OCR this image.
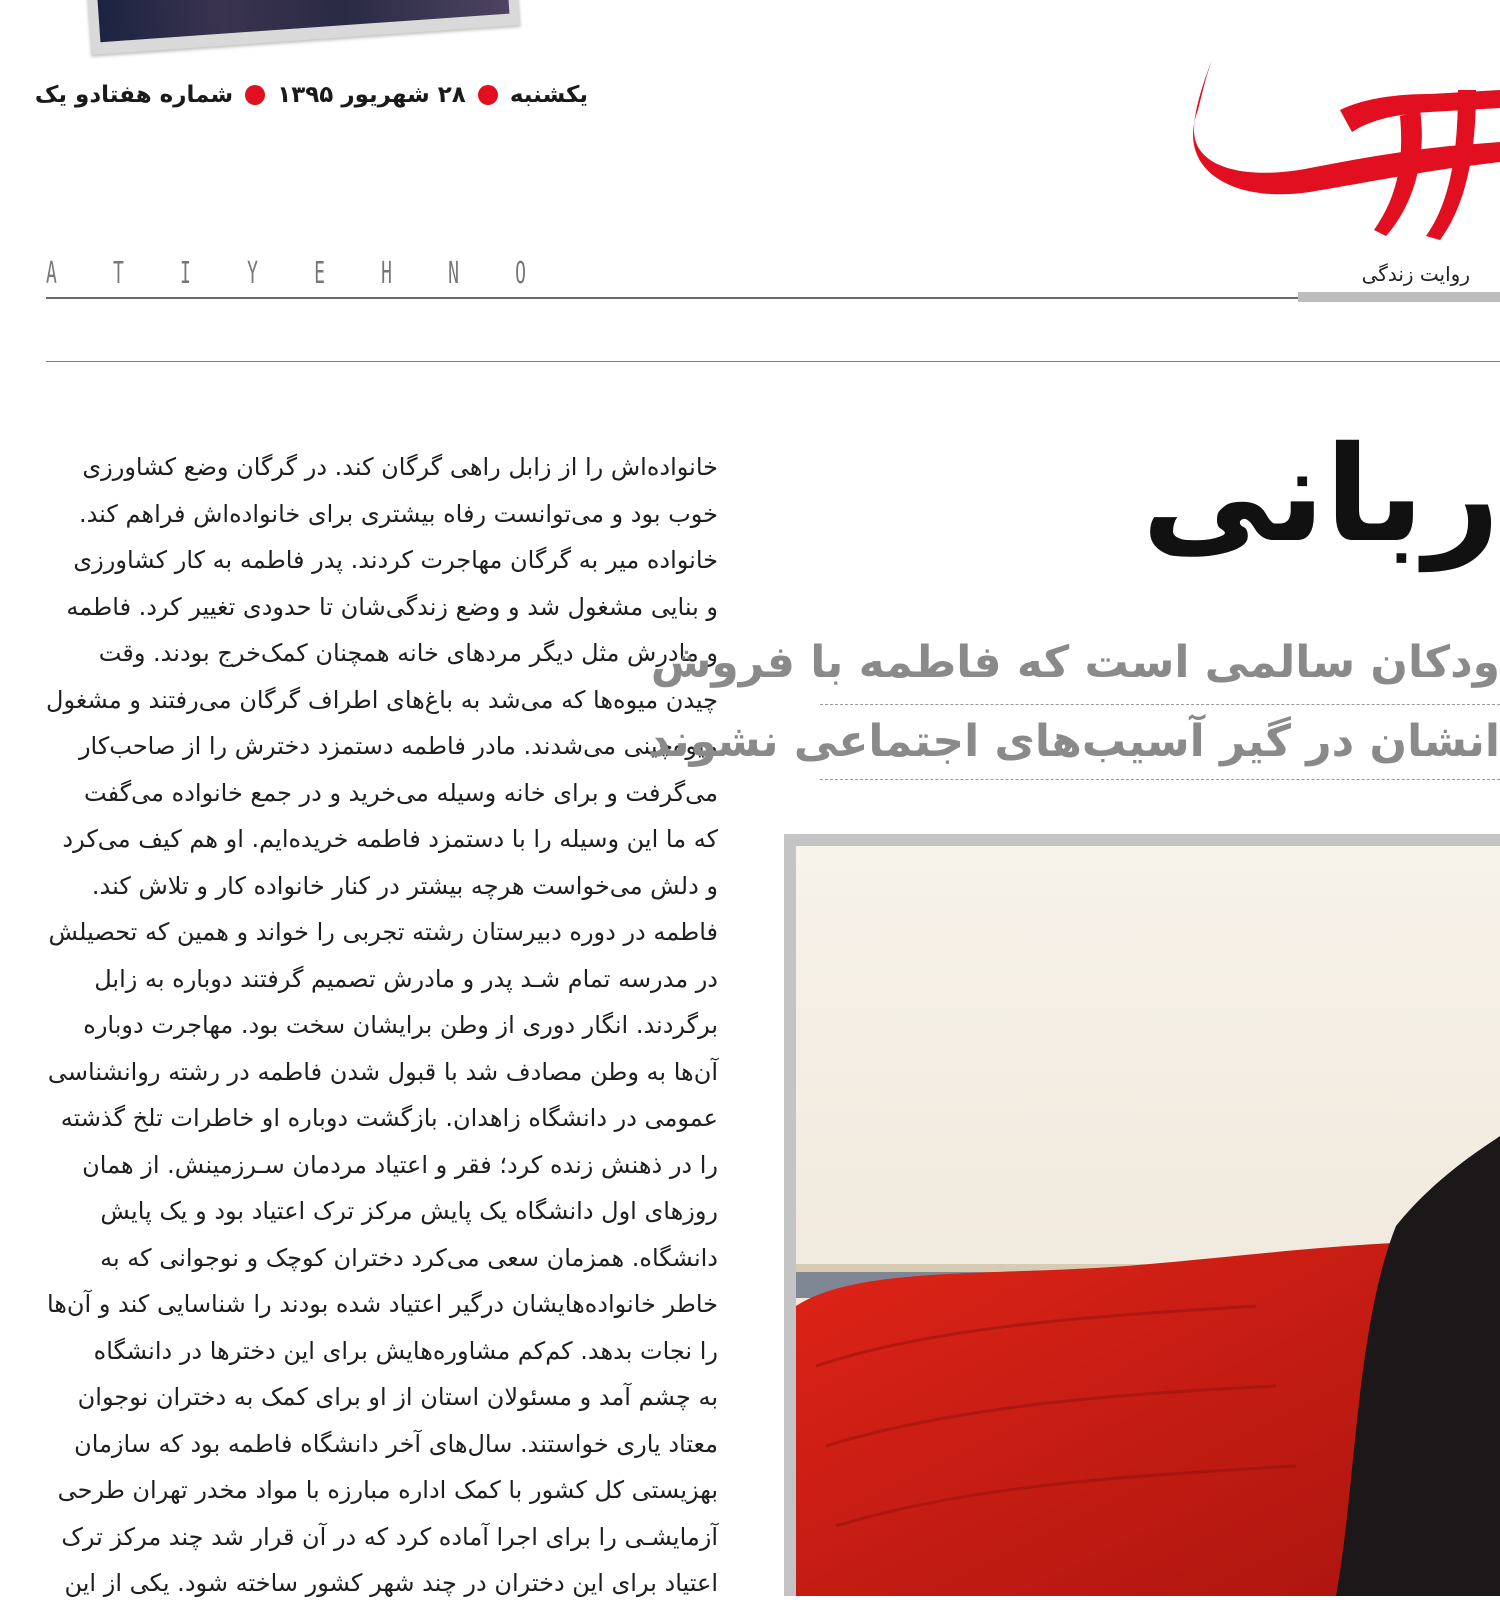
یکشنبه۲۸ شهریور ۱۳۹۵شماره هفتادو یک
روایت زندگی
A T I Y E H N O
خانواده‌اش را از زابل راهی گرگان کند. در گرگان وضع کشاورزی
خوب بود و می‌توانست رفاه بیشتری برای خانواده‌اش فراهم کند.
خانواده میر به گرگان مهاجرت کردند. پدر فاطمه به کار کشاورزی
و بنایی مشغول شد و وضع زندگی‌شان تا حدودی تغییر کرد. فاطمه
و مادرش مثل دیگر مردهای خانه همچنان کمک‌خرج بودند. وقت
چیدن میوه‌ها که می‌شد به باغ‌های اطراف گرگان می‌رفتند و مشغول
میوه‌چینی می‌شدند. مادر فاطمه دستمزد دخترش را از صاحب‌کار
می‌گرفت و برای خانه وسیله می‌خرید و در جمع خانواده می‌گفت
که ما این وسیله را با دستمزد فاطمه خریده‌ایم. او هم کیف می‌کرد
و دلش می‌خواست هرچه بیشتر در کنار خانواده کار و تلاش کند.
فاطمه در دوره دبیرستان رشته تجربی را خواند و همین که تحصیلش
در مدرسه تمام شـد پدر و مادرش تصمیم گرفتند دوباره به زابل
برگردند. انگار دوری از وطن برایشان سخت بود. مهاجرت دوباره
آن‌ها به وطن مصادف شد با قبول شدن فاطمه در رشته روانشناسی
عمومی در دانشگاه زاهدان. بازگشت دوباره او خاطرات تلخ گذشته
را در ذهنش زنده کرد؛ فقر و اعتیاد مردمان سـرزمینش. از همان
روزهای اول دانشگاه یک پایش مرکز ترک اعتیاد بود و یک پایش
دانشگاه. همزمان سعی می‌کرد دختران کوچک و نوجوانی که به
خاطر خانواده‌هایشان درگیر اعتیاد شده بودند را شناسایی کند و آن‌ها
را نجات بدهد. کم‌کم مشاوره‌هایش برای این دخترها در دانشگاه
به چشم آمد و مسئولان استان از او برای کمک به دختران نوجوان
معتاد یاری خواستند. سال‌های آخر دانشگاه فاطمه بود که سازمان
بهزیستی کل کشور با کمک اداره مبارزه با مواد مخدر تهران طرحی
آزمایشـی را برای اجرا آماده کرد که در آن قرار شد چند مرکز ترک
اعتیاد برای این دختران در چند شهر کشور ساخته شود. یکی از این
ربانی
ودکان سالمی است که فاطمه با فروش
انشان در گیر آسیب‌های اجتماعی نشوند
